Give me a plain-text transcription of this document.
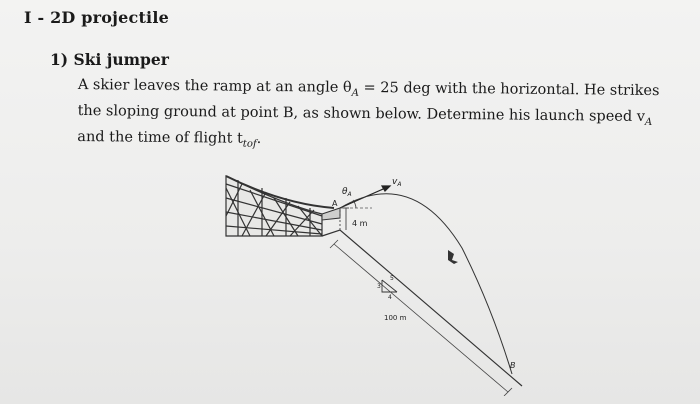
I - 2D projectile
1) Ski jumper
A skier leaves the ramp at an angle $\theta_A = 25$ deg with the horizontal. He strikes
the sloping ground at point B, as shown below. Determine his launch speed $v_A$
and the time of flight $t_{tof}$.
4 m
$\theta_A$
A
$v_A$
3
4
5
100 m
B
